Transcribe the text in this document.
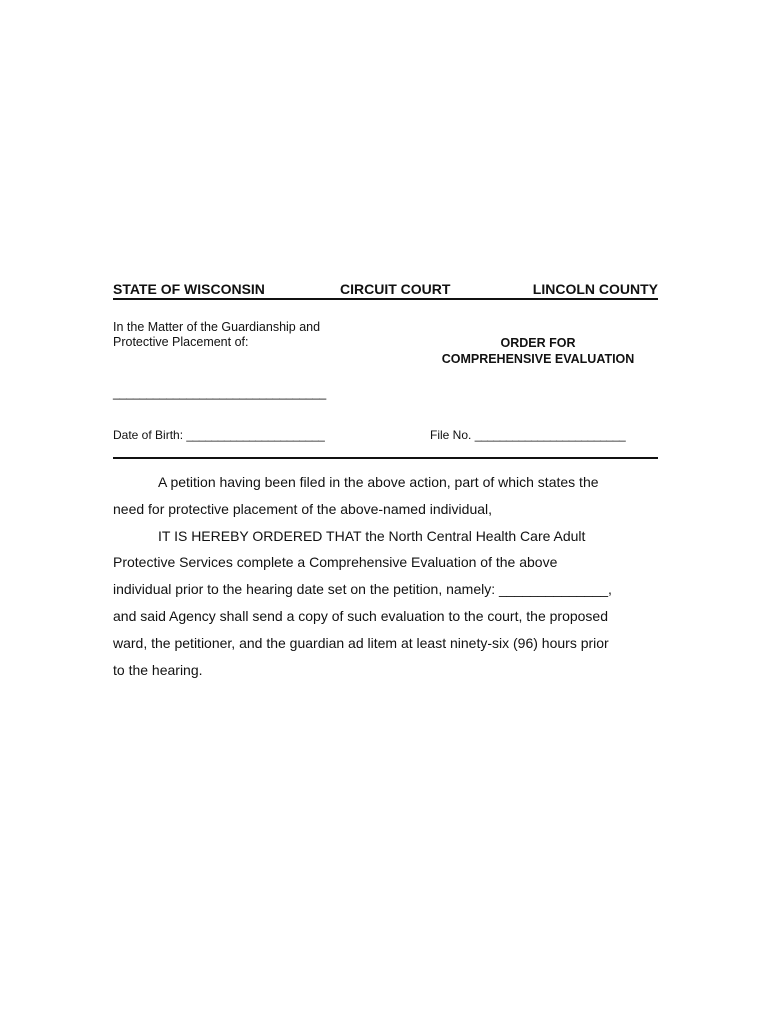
STATE OF WISCONSIN	CIRCUIT COURT	LINCOLN COUNTY
In the Matter of the Guardianship and
Protective Placement of:	ORDER FOR
COMPREHENSIVE EVALUATION
________________________________
Date of Birth: ______________________	File No. ________________________
A petition having been filed in the above action, part of which states the
need for protective placement of the above-named individual,
IT IS HEREBY ORDERED THAT the North Central Health Care Adult
Protective Services complete a Comprehensive Evaluation of the above
individual prior to the hearing date set on the petition, namely: ______________,
and said Agency shall send a copy of such evaluation to the court, the proposed
ward, the petitioner, and the guardian ad litem at least ninety-six (96) hours prior
to the hearing.
